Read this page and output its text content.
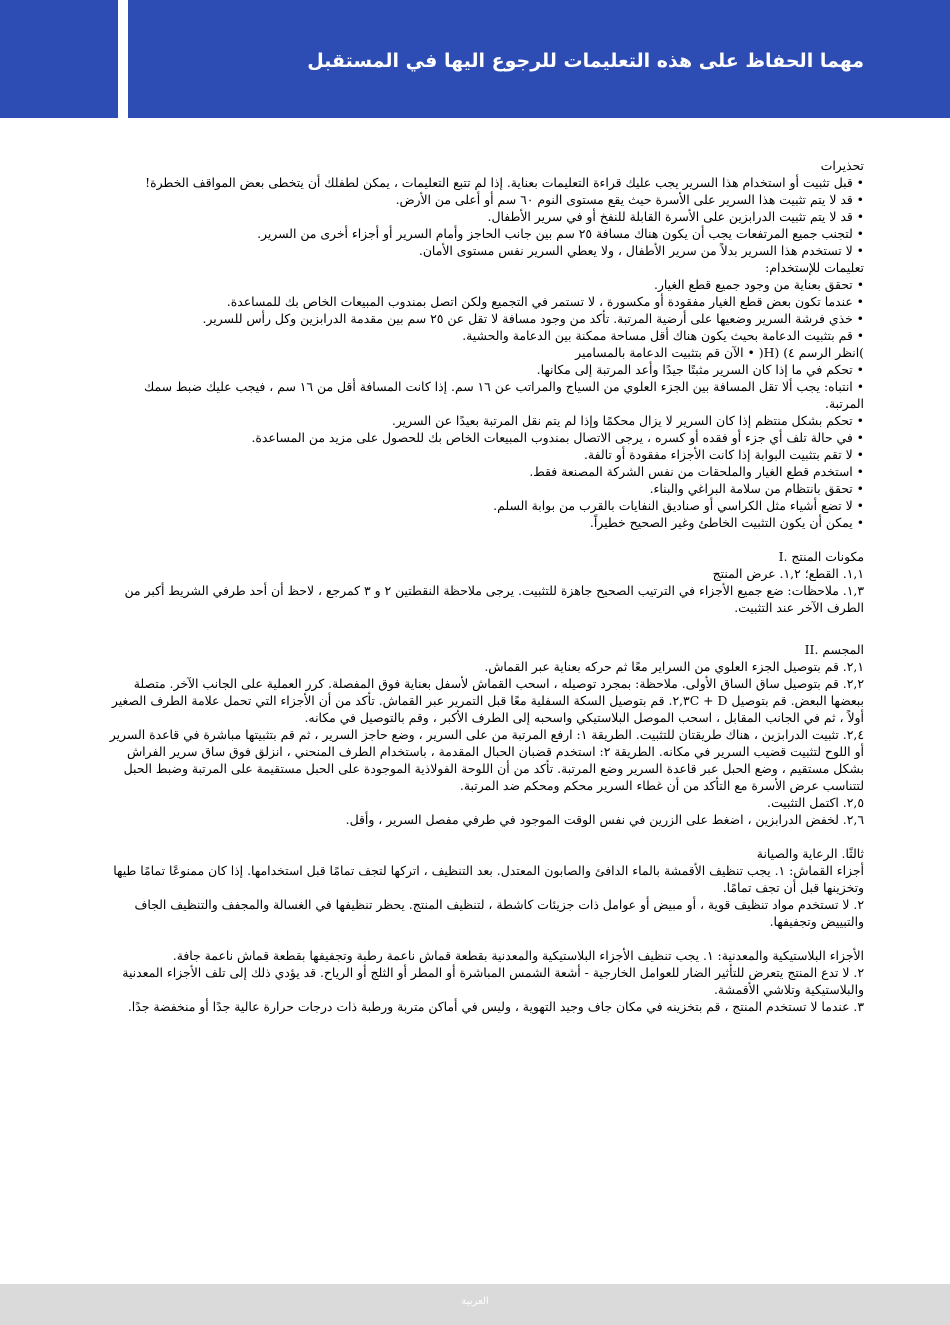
مهما الحفاظ على هذه التعليمات للرجوع اليها في المستقبل

تحذيرات

• قبل تثبيت أو استخدام هذا السرير يجب عليك قراءة التعليمات بعناية. إذا لم تتبع التعليمات ، يمكن لطفلك أن يتخطى بعض المواقف الخطرة!

• قد لا يتم تثبيت هذا السرير على الأسرة حيث يقع مستوى النوم ٦٠ سم أو أعلى من الأرض.

• قد لا يتم تثبيت الدرابزين على الأسرة القابلة للنفخ أو في سرير الأطفال.

• لتجنب جميع المرتفعات يجب أن يكون هناك مسافة ٢٥ سم بين جانب الحاجز وأمام السرير أو أجزاء أخرى من السرير.

• لا تستخدم هذا السرير بدلاً من سرير الأطفال ، ولا يعطي السرير نفس مستوى الأمان.

تعليمات للإستخدام:

• تحقق بعناية من وجود جميع قطع الغيار.

• عندما تكون بعض قطع الغيار مفقودة أو مكسورة ، لا تستمر في التجميع ولكن اتصل بمندوب المبيعات الخاص بك للمساعدة.

• خذي فرشة السرير وضعيها على أرضية المرتبة. تأكد من وجود مسافة لا تقل عن ٢٥ سم بين مقدمة الدرابزين وكل رأس للسرير.

• قم بتثبيت الدعامة بحيث يكون هناك أقل مساحة ممكنة بين الدعامة والحشية.

)انظر الرسم ٤) (H( • الآن قم بتثبيت الدعامة بالمسامير

• تحكم في ما إذا كان السرير مثبتًا جيدًا وأعد المرتبة إلى مكانها.

• انتباه: يجب ألا تقل المسافة بين الجزء العلوي من السياج والمراتب عن ١٦ سم. إذا كانت المسافة أقل من ١٦ سم ، فيجب عليك ضبط سمك المرتبة.

• تحكم بشكل منتظم إذا كان السرير لا يزال محكمًا وإذا لم يتم نقل المرتبة بعيدًا عن السرير.

• في حالة تلف أي جزء أو فقده أو كسره ، يرجى الاتصال بمندوب المبيعات الخاص بك للحصول على مزيد من المساعدة.

• لا تقم بتثبيت البوابة إذا كانت الأجزاء مفقودة أو تالفة.

• استخدم قطع الغيار والملحقات من نفس الشركة المصنعة فقط.

• تحقق بانتظام من سلامة البراغي والبناء.

• لا تضع أشياء مثل الكراسي أو صناديق النفايات بالقرب من بوابة السلم.

• يمكن أن يكون التثبيت الخاطئ وغير الصحيح خطيراً.

مكونات المنتج .I

١,١. القطع؛ ١,٢. عرض المنتج

١,٣. ملاحظات: ضع جميع الأجزاء في الترتيب الصحيح جاهزة للتثبيت. يرجى ملاحظة النقطتين ٢ و ٣ كمرجع ، لاحظ أن أحد طرفي الشريط أكبر من الطرف الآخر عند التثبيت.

المجسم .II

٢,١. قم بتوصيل الجزء العلوي من السراير معًا ثم حركه بعناية عبر القماش.

٢,٢. قم بتوصيل ساق الساق الأولى. ملاحظة: بمجرد توصيله ، اسحب القماش لأسفل بعناية فوق المفصلة. كرر العملية على الجانب الآخر. متصلة ببعضها البعض. قم بتوصيل D + ٢,٣C. قم بتوصيل السكة السفلية معًا قبل التمرير عبر القماش. تأكد من أن الأجزاء التي تحمل علامة الطرف الصغير أولاً ، ثم في الجانب المقابل ، اسحب الموصل البلاستيكي واسحبه إلى الطرف الأكبر ، وقم بالتوصيل في مكانه.

٢,٤. تثبيت الدرابزين ، هناك طريقتان للتثبيت. الطريقة ١: ارفع المرتبة من على السرير ، وضع حاجز السرير ، ثم قم بتثبيتها مباشرة في قاعدة السرير أو اللوح لتثبيت قضيب السرير في مكانه. الطريقة ٢: استخدم قضبان الحبال المقدمة ، باستخدام الطرف المنحني ، انزلق فوق ساق سرير الفراش بشكل مستقيم ، وضع الحبل عبر قاعدة السرير وضع المرتبة. تأكد من أن اللوحة الفولاذية الموجودة على الحبل مستقيمة على المرتبة وضبط الحبل لتتناسب عرض الأسرة مع التأكد من أن غطاء السرير محكم ومحكم ضد المرتبة.

٢,٥. اكتمل التثبيت.

٢,٦. لخفض الدرابزين ، اضغط على الزرين في نفس الوقت الموجود في طرفي مفصل السرير ، وأقل.

ثالثًا. الرعاية والصيانة

أجزاء القماش: ١. يجب تنظيف الأقمشة بالماء الدافئ والصابون المعتدل. بعد التنظيف ، اتركها لتجف تمامًا قبل استخدامها. إذا كان ممنوعًا تمامًا طيها وتخزينها قبل أن تجف تمامًا.

٢. لا تستخدم مواد تنظيف قوية ، أو مبيض أو عوامل ذات جزيئات كاشطة ، لتنظيف المنتج. يحظر تنظيفها في الغسالة والمجفف والتنظيف الجاف والتبييض وتجفيفها.

الأجزاء البلاستيكية والمعدنية: ١. يجب تنظيف الأجزاء البلاستيكية والمعدنية بقطعة قماش ناعمة رطبة وتجفيفها بقطعة قماش ناعمة جافة.

٢. لا تدع المنتج يتعرض للتأثير الضار للعوامل الخارجية - أشعة الشمس المباشرة أو المطر أو الثلج أو الرياح. قد يؤدي ذلك إلى تلف الأجزاء المعدنية والبلاستيكية وتلاشي الأقمشة.

٣. عندما لا تستخدم المنتج ، قم بتخزينه في مكان جاف وجيد التهوية ، وليس في أماكن متربة ورطبة ذات درجات حرارة عالية جدًا أو منخفضة جدًا.

العربية
